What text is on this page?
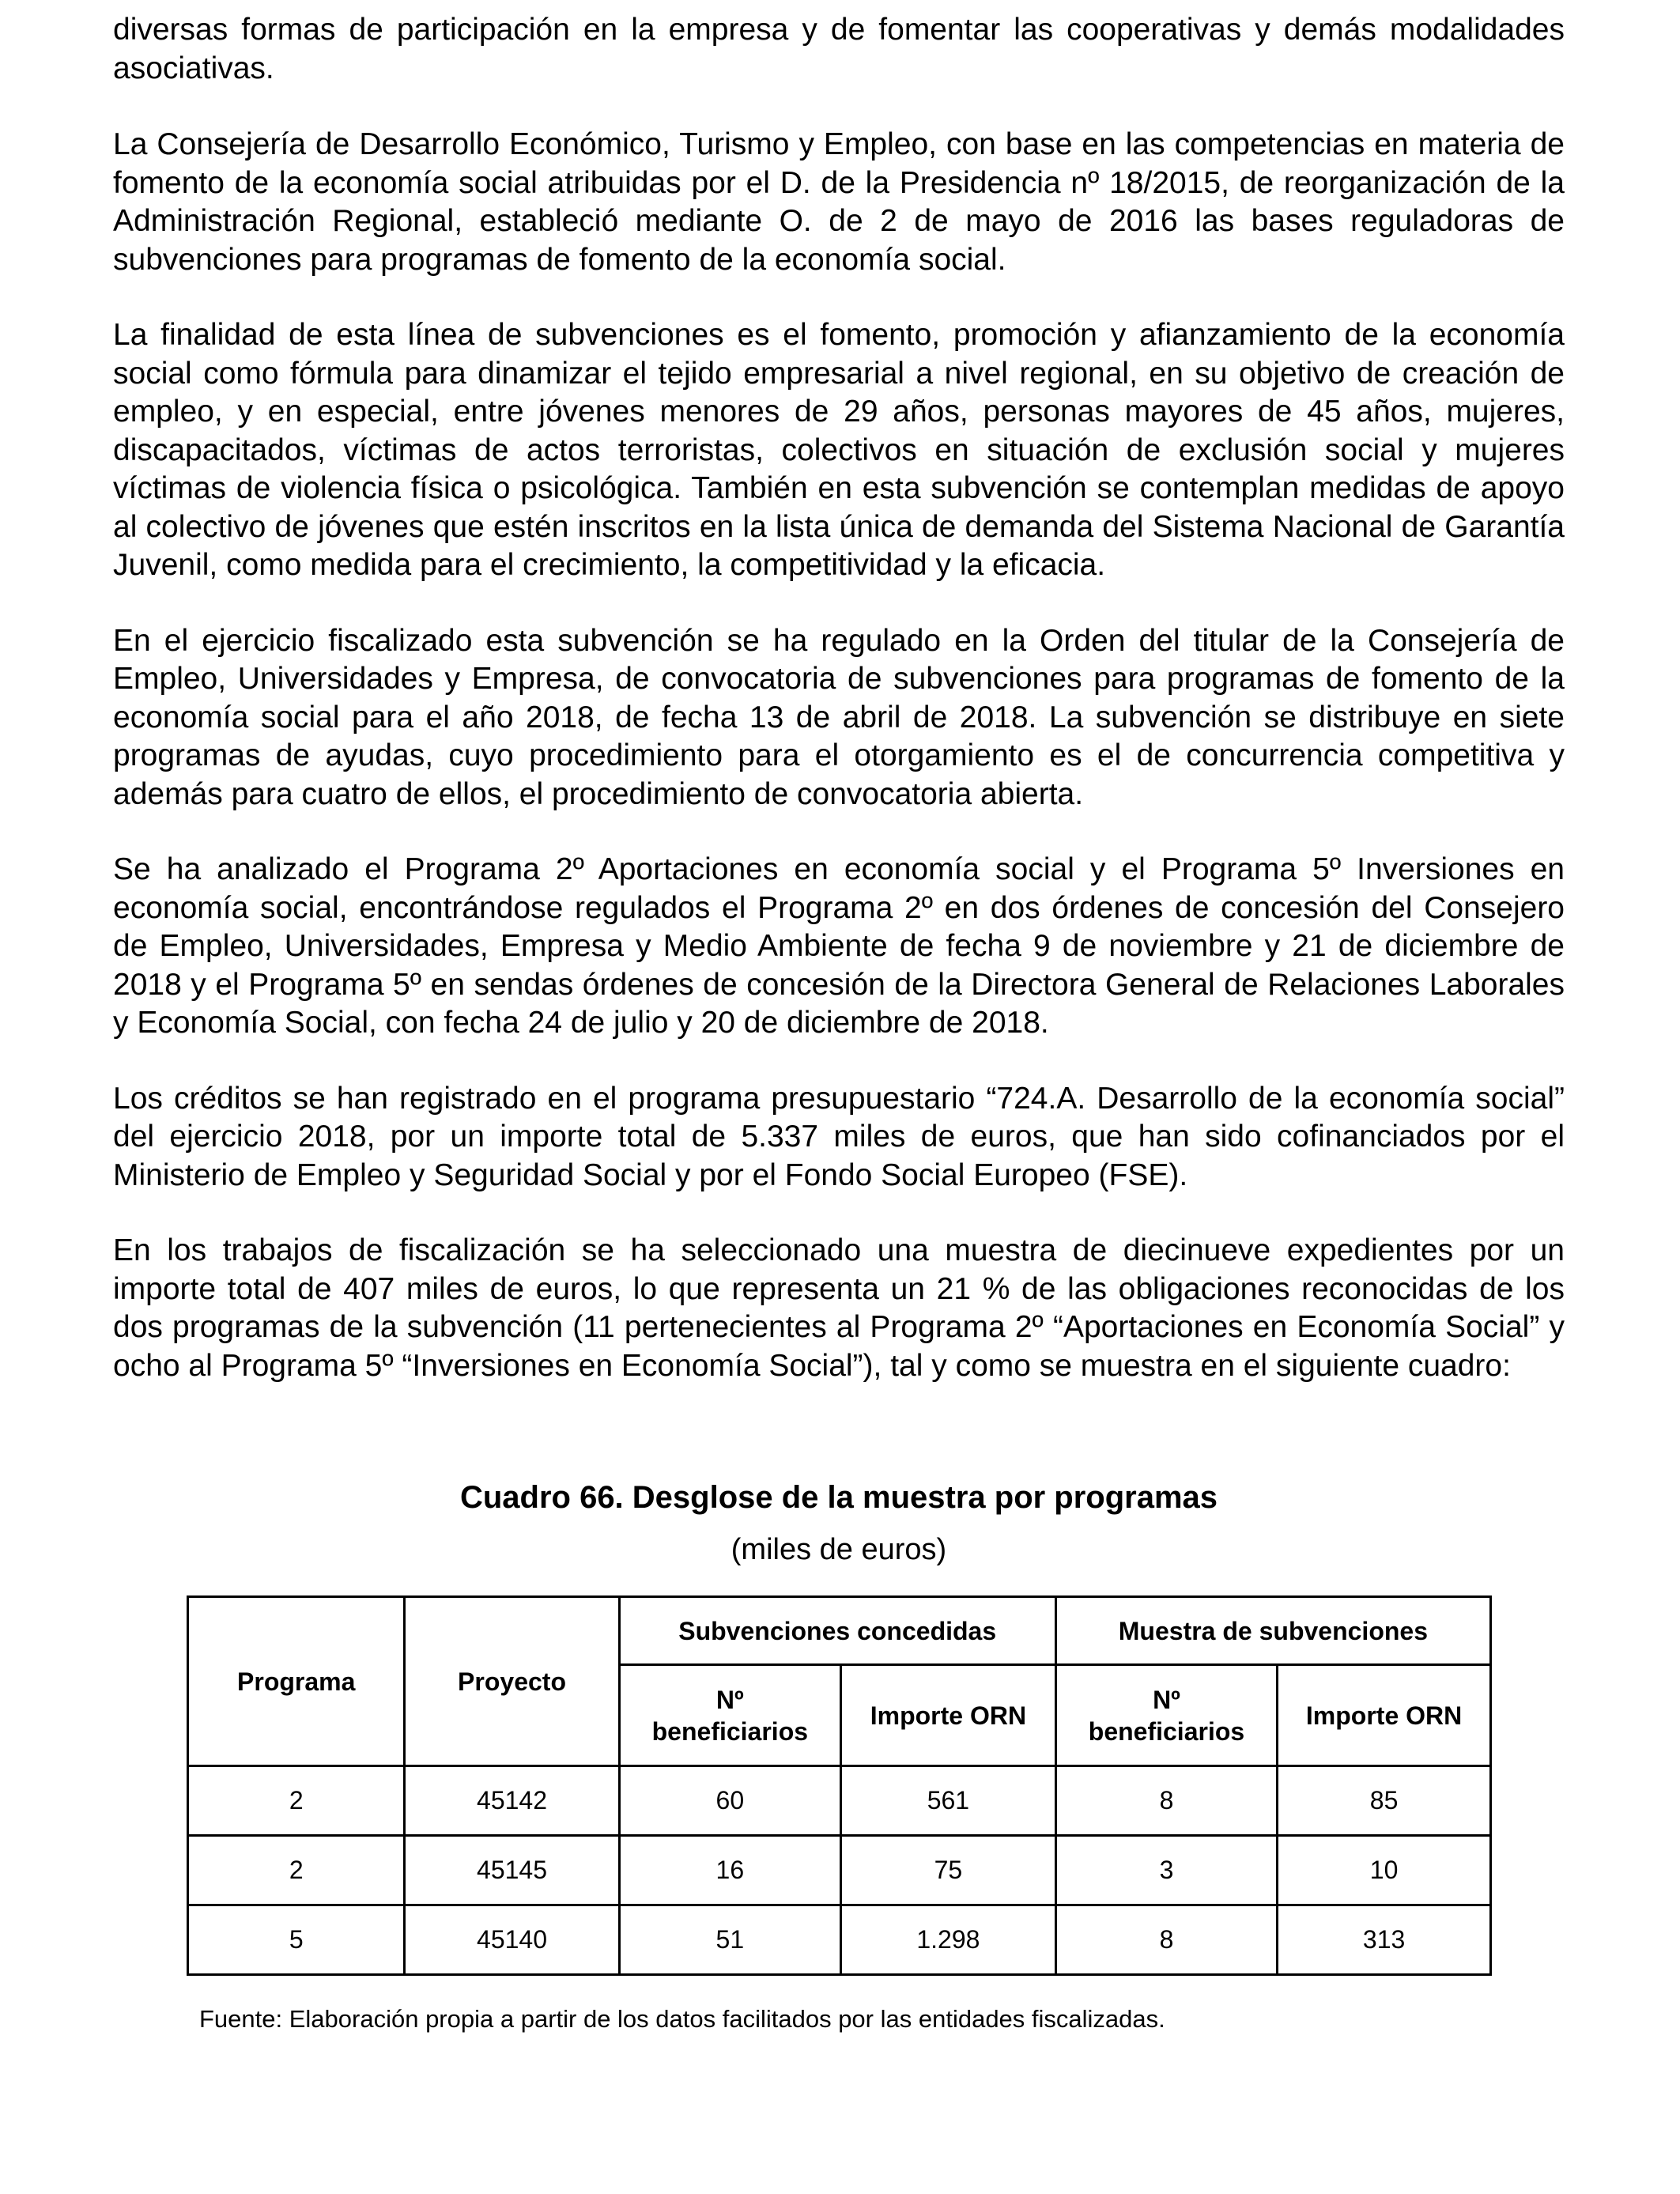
diversas formas de participación en la empresa y de fomentar las cooperativas y demás modalidades asociativas.

La Consejería de Desarrollo Económico, Turismo y Empleo, con base en las competencias en materia de fomento de la economía social atribuidas por el D. de la Presidencia nº 18/2015, de reorganización de la Administración Regional, estableció mediante O. de 2 de mayo de 2016 las bases reguladoras de subvenciones para programas de fomento de la economía social.

La finalidad de esta línea de subvenciones es el fomento, promoción y afianzamiento de la economía social como fórmula para dinamizar el tejido empresarial a nivel regional, en su objetivo de creación de empleo, y en especial, entre jóvenes menores de 29 años, personas mayores de 45 años, mujeres, discapacitados, víctimas de actos terroristas, colectivos en situación de exclusión social y mujeres víctimas de violencia física o psicológica. También en esta subvención se contemplan medidas de apoyo al colectivo de jóvenes que estén inscritos en la lista única de demanda del Sistema Nacional de Garantía Juvenil, como medida para el crecimiento, la competitividad y la eficacia.

En el ejercicio fiscalizado esta subvención se ha regulado en la Orden del titular de la Consejería de Empleo, Universidades y Empresa, de convocatoria de subvenciones para programas de fomento de la economía social para el año 2018, de fecha 13 de abril de 2018. La subvención se distribuye en siete programas de ayudas, cuyo procedimiento para el otorgamiento es el de concurrencia competitiva y además para cuatro de ellos, el procedimiento de convocatoria abierta.

Se ha analizado el Programa 2º Aportaciones en economía social y el Programa 5º Inversiones en economía social, encontrándose regulados el Programa 2º en dos órdenes de concesión del Consejero de Empleo, Universidades, Empresa y Medio Ambiente de fecha 9 de noviembre y 21 de diciembre de 2018 y el Programa 5º en sendas órdenes de concesión de la Directora General de Relaciones Laborales y Economía Social, con fecha 24 de julio y 20 de diciembre de 2018.

Los créditos se han registrado en el programa presupuestario “724.A. Desarrollo de la economía social” del ejercicio 2018, por un importe total de 5.337 miles de euros, que han sido cofinanciados por el Ministerio de Empleo y Seguridad Social y por el Fondo Social Europeo (FSE).

En los trabajos de fiscalización se ha seleccionado una muestra de diecinueve expedientes por un importe total de 407 miles de euros, lo que representa un 21 % de las obligaciones reconocidas de los dos programas de la subvención (11 pertenecientes al Programa 2º “Aportaciones en Economía Social” y ocho al Programa 5º “Inversiones en Economía Social”), tal y como se muestra en el siguiente cuadro:

Cuadro 66. Desglose de la muestra por programas
(miles de euros)
Programa	Proyecto	Subvenciones concedidas		Muestra de subvenciones	
		Nº beneficiarios	Importe ORN	Nº beneficiarios	Importe ORN
2	45142	60	561	8	85
2	45145	16	75	3	10
5	45140	51	1.298	8	313
Fuente: Elaboración propia a partir de los datos facilitados por las entidades fiscalizadas.
